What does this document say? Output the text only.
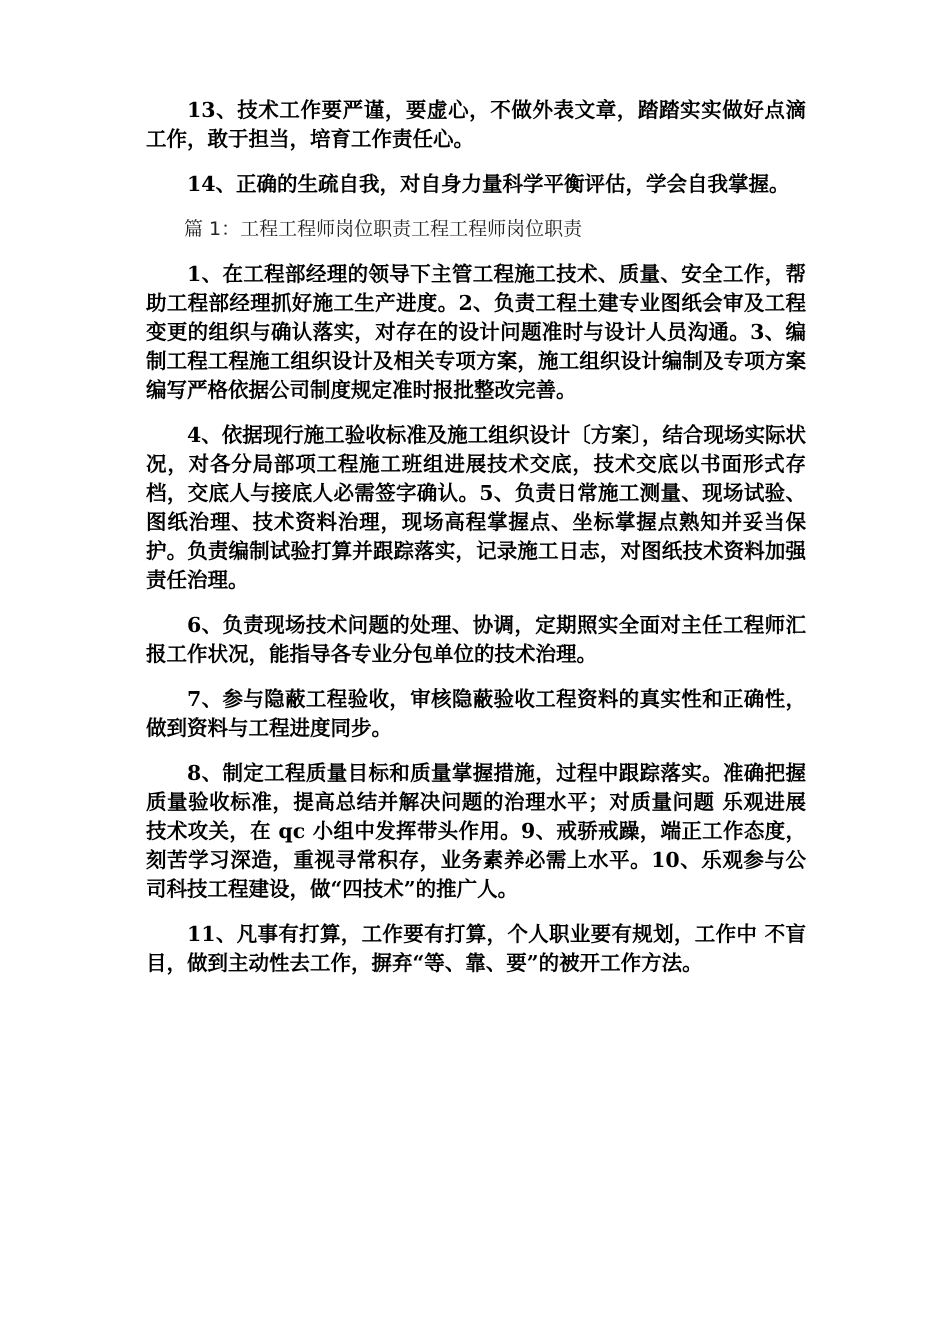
13、技术工作要严谨，要虚心，不做外表文章，踏踏实实做好点滴工作，敢于担当，培育工作责任心。

14、正确的生疏自我，对自身力量科学平衡评估，学会自我掌握。

篇 1：工程工程师岗位职责工程工程师岗位职责

1、在工程部经理的领导下主管工程施工技术、质量、安全工作，帮助工程部经理抓好施工生产进度。2、负责工程土建专业图纸会审及工程变更的组织与确认落实，对存在的设计问题准时与设计人员沟通。3、编制工程工程施工组织设计及相关专项方案，施工组织设计编制及专项方案编写严格依据公司制度规定准时报批整改完善。

4、依据现行施工验收标准及施工组织设计〔方案〕，结合现场实际状况，对各分局部项工程施工班组进展技术交底，技术交底以书面形式存档，交底人与接底人必需签字确认。5、负责日常施工测量、现场试验、图纸治理、技术资料治理，现场高程掌握点、坐标掌握点熟知并妥当保护。负责编制试验打算并跟踪落实，记录施工日志，对图纸技术资料加强责任治理。

6、负责现场技术问题的处理、协调，定期照实全面对主任工程师汇报工作状况，能指导各专业分包单位的技术治理。

7、参与隐蔽工程验收，审核隐蔽验收工程资料的真实性和正确性，做到资料与工程进度同步。

8、制定工程质量目标和质量掌握措施，过程中跟踪落实。准确把握质量验收标准，提高总结并解决问题的治理水平；对质量问题 乐观进展技术攻关，在 qc 小组中发挥带头作用。9、戒骄戒躁，端正工作态度，刻苦学习深造，重视寻常积存，业务素养必需上水平。10、乐观参与公司科技工程建设，做“四技术”的推广人。

11、凡事有打算，工作要有打算，个人职业要有规划，工作中 不盲目，做到主动性去工作，摒弃“等、靠、要”的被开工作方法。
